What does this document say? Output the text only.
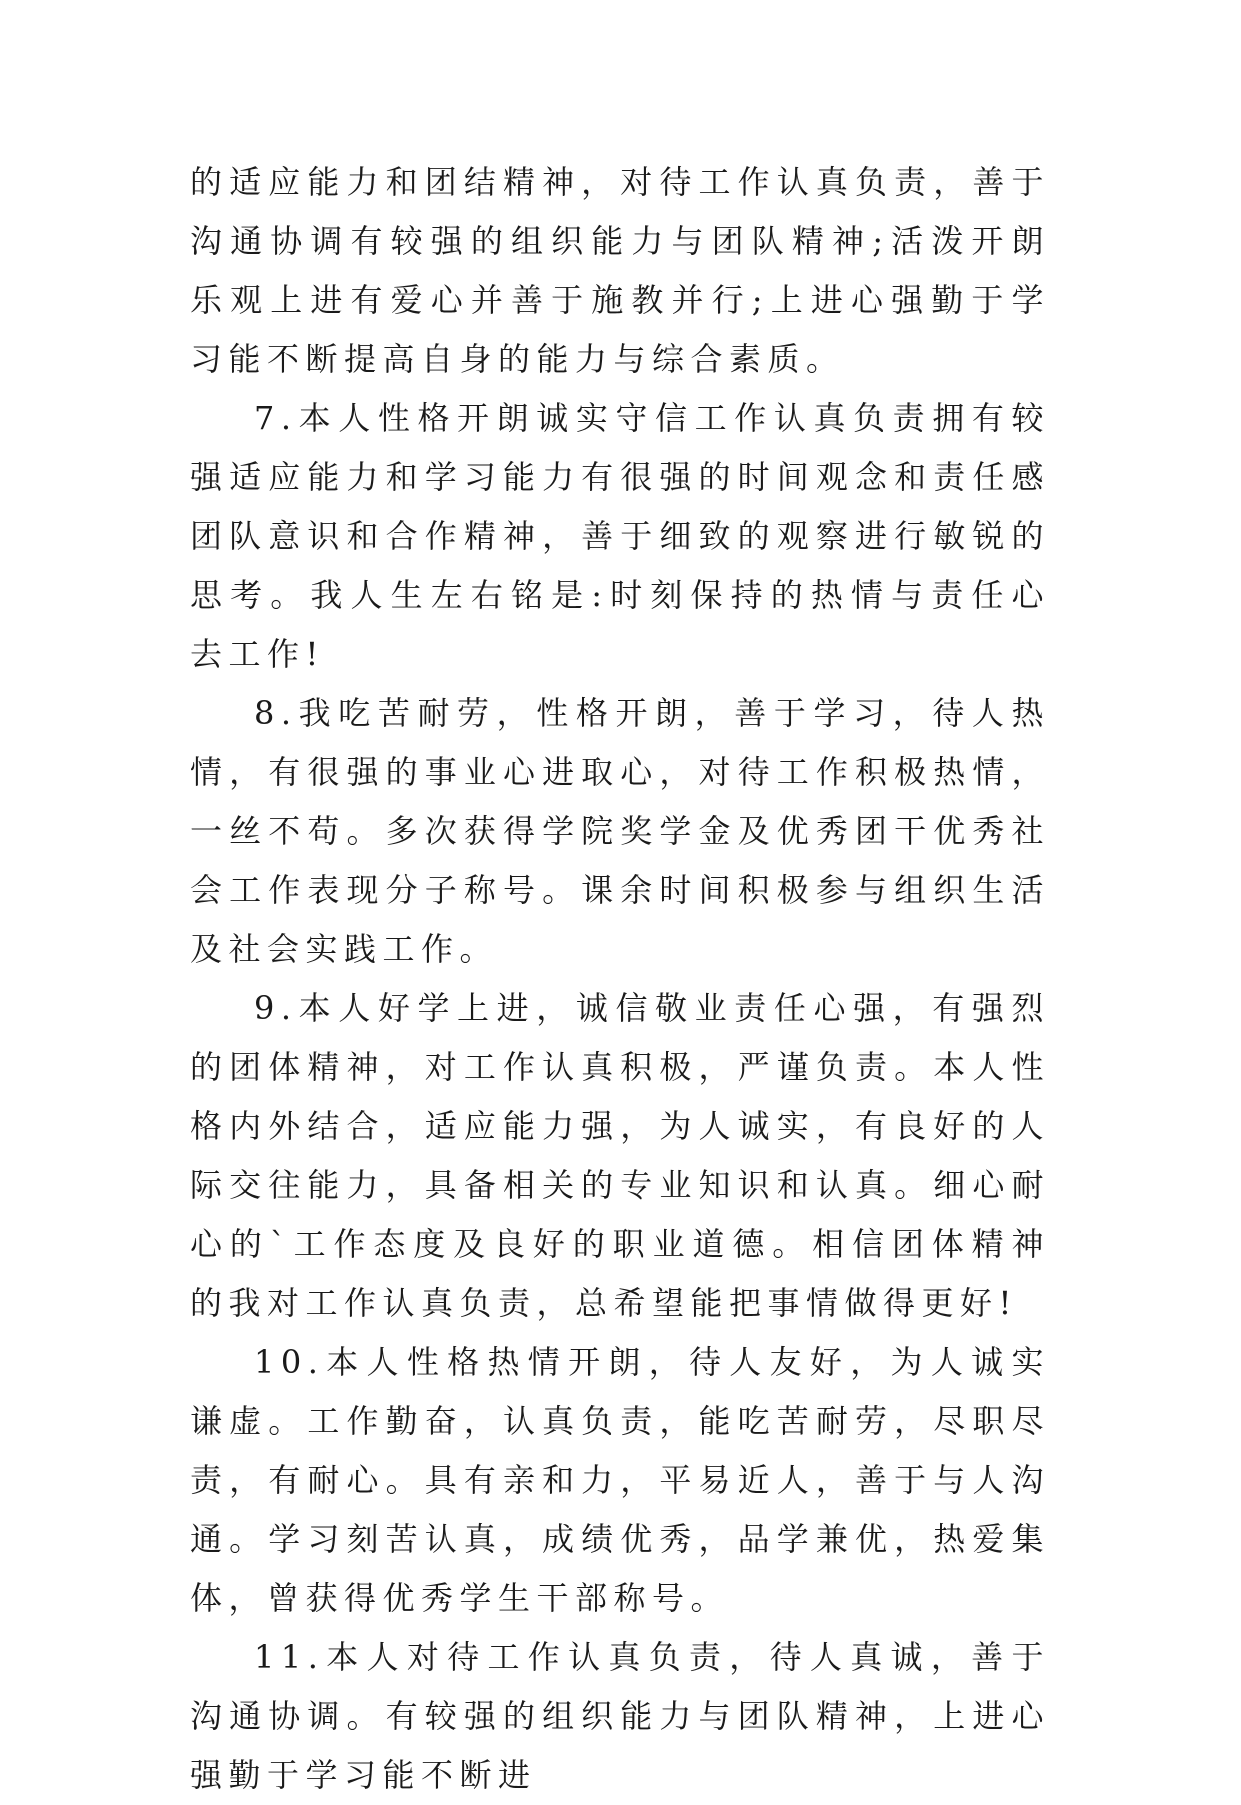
的适应能力和团结精神，对待工作认真负责，善于沟通协调有较强的组织能力与团队精神;活泼开朗乐观上进有爱心并善于施教并行;上进心强勤于学习能不断提高自身的能力与综合素质。

7.本人性格开朗诚实守信工作认真负责拥有较强适应能力和学习能力有很强的时间观念和责任感团队意识和合作精神，善于细致的观察进行敏锐的思考。我人生左右铭是:时刻保持的热情与责任心去工作!

8.我吃苦耐劳，性格开朗，善于学习，待人热情，有很强的事业心进取心，对待工作积极热情，一丝不苟。多次获得学院奖学金及优秀团干优秀社会工作表现分子称号。课余时间积极参与组织生活及社会实践工作。

9.本人好学上进，诚信敬业责任心强，有强烈的团体精神，对工作认真积极，严谨负责。本人性格内外结合，适应能力强，为人诚实，有良好的人际交往能力，具备相关的专业知识和认真。细心耐心的`工作态度及良好的职业道德。相信团体精神的我对工作认真负责，总希望能把事情做得更好!

10.本人性格热情开朗，待人友好，为人诚实谦虚。工作勤奋，认真负责，能吃苦耐劳，尽职尽责，有耐心。具有亲和力，平易近人，善于与人沟通。学习刻苦认真，成绩优秀，品学兼优，热爱集体，曾获得优秀学生干部称号。

11.本人对待工作认真负责，待人真诚，善于沟通协调。有较强的组织能力与团队精神，上进心强勤于学习能不断进
